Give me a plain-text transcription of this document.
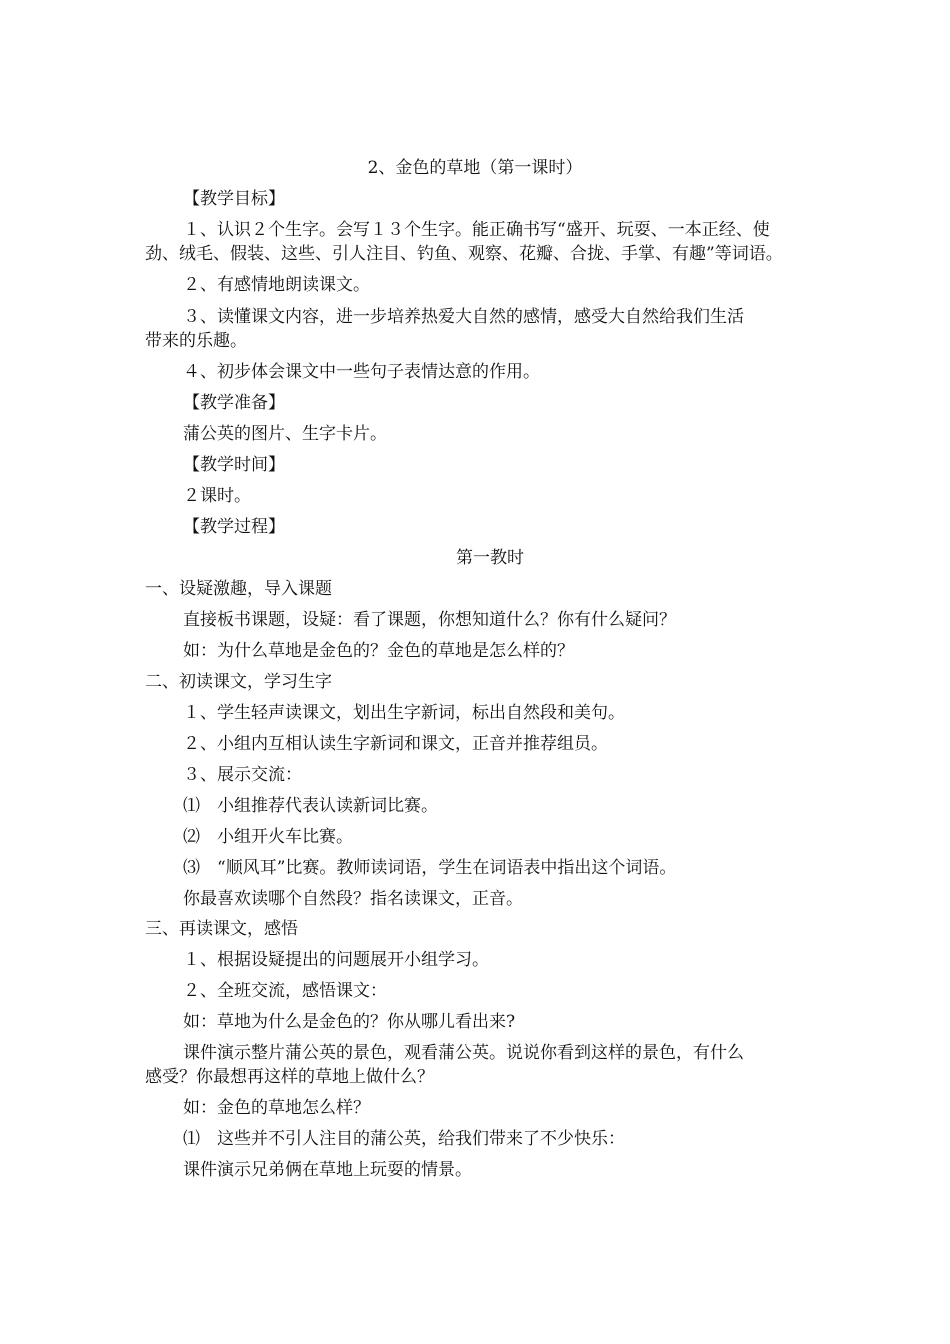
2、金色的草地（第一课时）
【教学目标】
１、认识２个生字。会写１３个生字。能正确书写“盛开、玩耍、一本正经、使
劲、绒毛、假装、这些、引人注目、钓鱼、观察、花瓣、合拢、手掌、有趣”等词语。
２、有感情地朗读课文。
３、读懂课文内容，进一步培养热爱大自然的感情，感受大自然给我们生活
带来的乐趣。
４、初步体会课文中一些句子表情达意的作用。
【教学准备】
蒲公英的图片、生字卡片。
【教学时间】
２课时。
【教学过程】
第一教时
一、设疑激趣，导入课题
直接板书课题，设疑：看了课题，你想知道什么？你有什么疑问？
如：为什么草地是金色的？金色的草地是怎么样的？
二、初读课文，学习生字
１、学生轻声读课文，划出生字新词，标出自然段和美句。
２、小组内互相认读生字新词和课文，正音并推荐组员。
３、展示交流：
⑴　小组推荐代表认读新词比赛。
⑵　小组开火车比赛。
⑶　“顺风耳”比赛。教师读词语，学生在词语表中指出这个词语。
你最喜欢读哪个自然段？指名读课文，正音。
三、再读课文，感悟
１、根据设疑提出的问题展开小组学习。
２、全班交流，感悟课文：
如：草地为什么是金色的？你从哪儿看出来?
课件演示整片蒲公英的景色，观看蒲公英。说说你看到这样的景色，有什么
感受？你最想再这样的草地上做什么？
如：金色的草地怎么样？
⑴　这些并不引人注目的蒲公英，给我们带来了不少快乐：
课件演示兄弟俩在草地上玩耍的情景。
